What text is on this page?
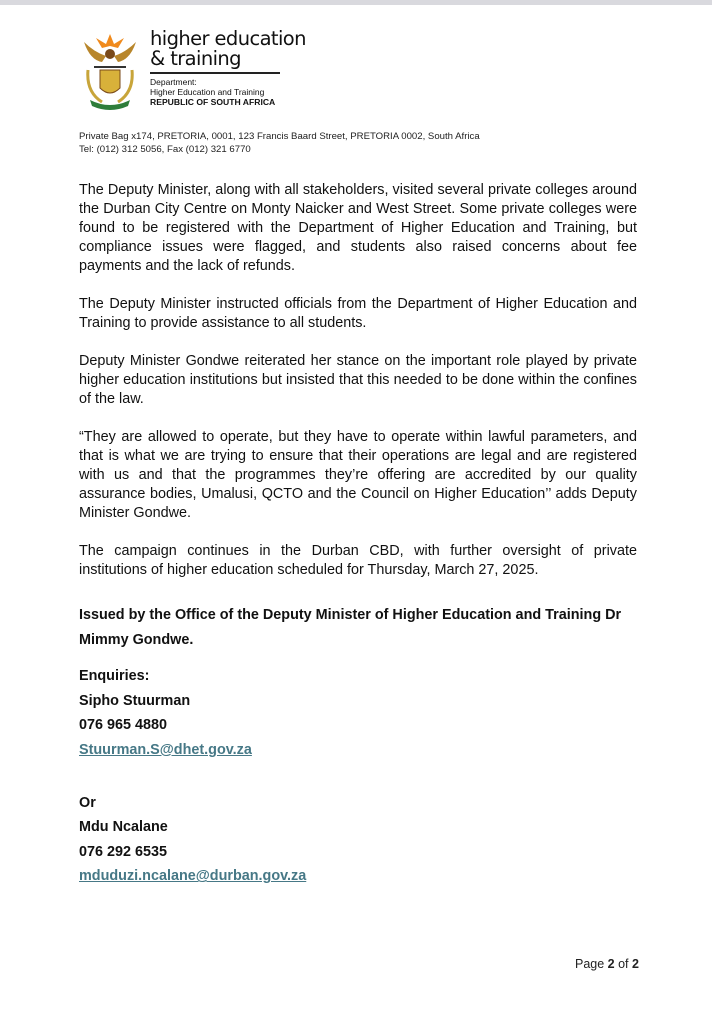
higher education
& training
Department:
Higher Education and Training
REPUBLIC OF SOUTH AFRICA
Private Bag x174, PRETORIA, 0001, 123 Francis Baard Street, PRETORIA 0002, South Africa
Tel: (012) 312 5056, Fax (012) 321 6770

The Deputy Minister, along with all stakeholders, visited several private colleges around the Durban City Centre on Monty Naicker and West Street. Some private colleges were found to be registered with the Department of Higher Education and Training, but compliance issues were flagged, and students also raised concerns about fee payments and the lack of refunds.

The Deputy Minister instructed officials from the Department of Higher Education and Training to provide assistance to all students.

Deputy Minister Gondwe reiterated her stance on the important role played by private higher education institutions but insisted that this needed to be done within the confines of the law.

“They are allowed to operate, but they have to operate within lawful parameters, and that is what we are trying to ensure that their operations are legal and are registered with us and that the programmes they’re offering are accredited by our quality assurance bodies, Umalusi, QCTO and the Council on Higher Education’’ adds Deputy Minister Gondwe.

The campaign continues in the Durban CBD, with further oversight of private institutions of higher education scheduled for Thursday, March 27, 2025.

Issued by the Office of the Deputy Minister of Higher Education and Training Dr Mimmy Gondwe.

Enquiries:

Sipho Stuurman

076 965 4880

Stuurman.S@dhet.gov.za

Or

Mdu Ncalane

076 292 6535

mduduzi.ncalane@durban.gov.za

Page 2 of 2
